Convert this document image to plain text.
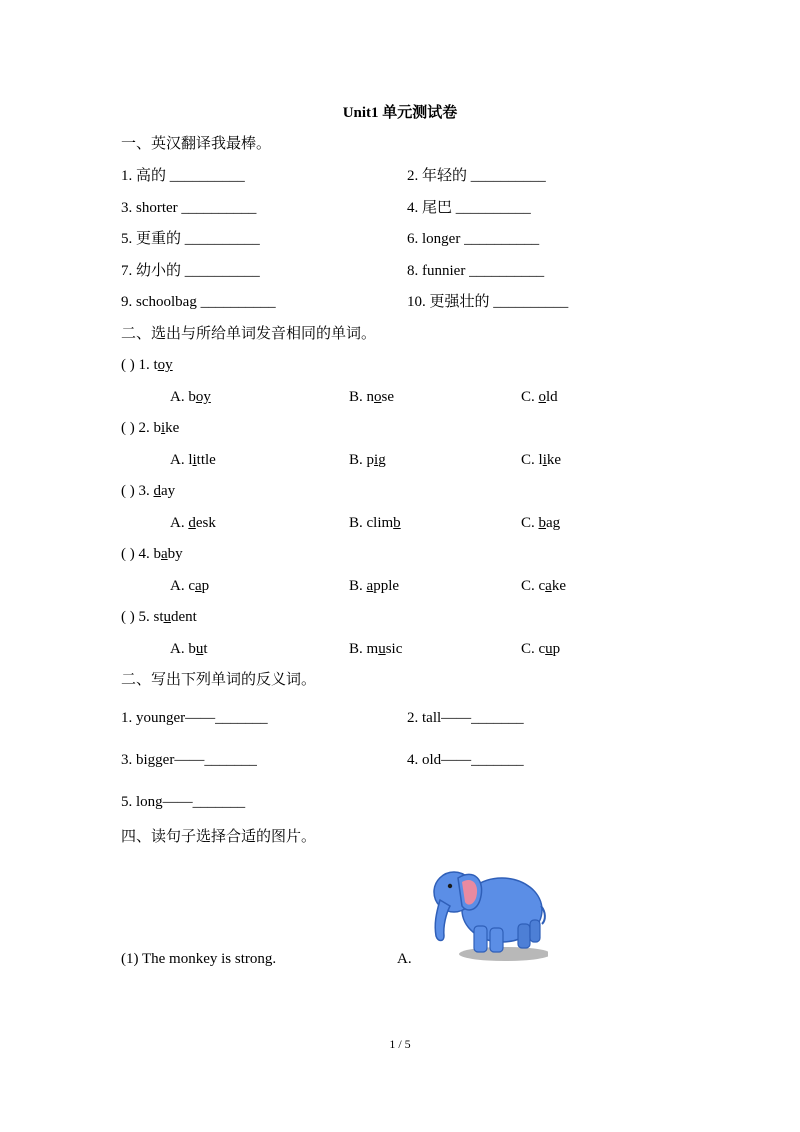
Unit1 单元测试卷
一、英汉翻译我最棒。
1. 高的 __________	2. 年轻的 __________
3. shorter __________	4. 尾巴 __________
5. 更重的 __________	6. longer __________
7. 幼小的 __________	8. funnier __________
9. schoolbag __________	10. 更强壮的 __________
二、选出与所给单词发音相同的单词。
( ) 1. toy
A. boy	B. nose	C. old
( ) 2. bike
A. little	B. pig	C. like
( ) 3. day
A. desk	B. climb	C. bag
( ) 4. baby
A. cap	B. apple	C. cake
( ) 5. student
A. but	B. music	C. cup
二、写出下列单词的反义词。
1. younger——_______	2. tall——_______
3. bigger——_______	4. old——_______
5. long——_______
四、读句子选择合适的图片。
(1) The monkey is strong.	A.
1 / 5
